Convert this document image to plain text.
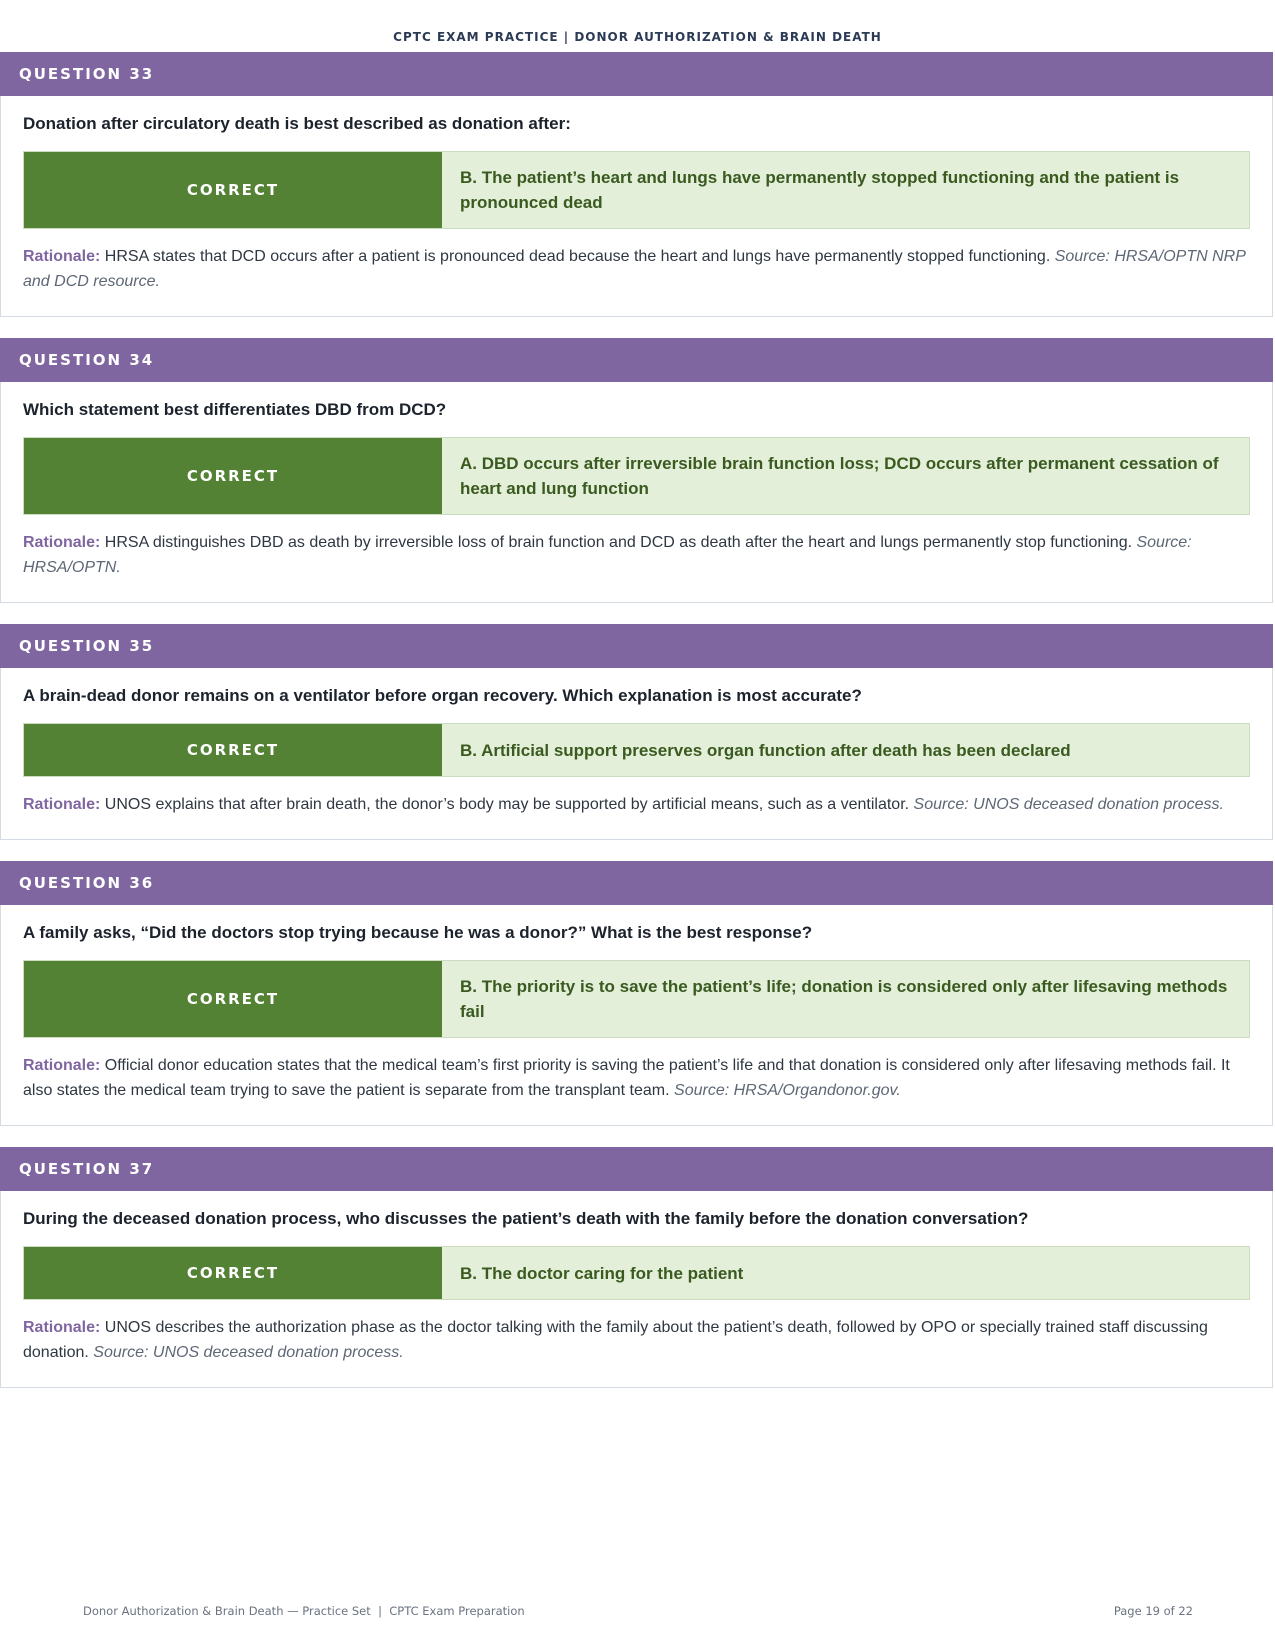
CPTC EXAM PRACTICE | DONOR AUTHORIZATION & BRAIN DEATH
QUESTION 33
Donation after circulatory death is best described as donation after:
CORRECT
B. The patient’s heart and lungs have permanently stopped functioning and the patient is pronounced dead
Rationale: HRSA states that DCD occurs after a patient is pronounced dead because the heart and lungs have permanently stopped functioning. Source: HRSA/OPTN NRP and DCD resource.
QUESTION 34
Which statement best differentiates DBD from DCD?
CORRECT
A. DBD occurs after irreversible brain function loss; DCD occurs after permanent cessation of heart and lung function
Rationale: HRSA distinguishes DBD as death by irreversible loss of brain function and DCD as death after the heart and lungs permanently stop functioning. Source: HRSA/OPTN.
QUESTION 35
A brain-dead donor remains on a ventilator before organ recovery. Which explanation is most accurate?
CORRECT	B. Artificial support preserves organ function after death has been declared
Rationale: UNOS explains that after brain death, the donor’s body may be supported by artificial means, such as a ventilator. Source: UNOS deceased donation process.
QUESTION 36
A family asks, “Did the doctors stop trying because he was a donor?” What is the best response?
CORRECT
B. The priority is to save the patient’s life; donation is considered only after lifesaving methods fail
Rationale: Official donor education states that the medical team’s first priority is saving the patient’s life and that donation is considered only after lifesaving methods fail. It also states the medical team trying to save the patient is separate from the transplant team. Source: HRSA/Organdonor.gov.
QUESTION 37
During the deceased donation process, who discusses the patient’s death with the family before the donation conversation?
CORRECT	B. The doctor caring for the patient
Rationale: UNOS describes the authorization phase as the doctor talking with the family about the patient’s death, followed by OPO or specially trained staff discussing donation. Source: UNOS deceased donation process.
Donor Authorization & Brain Death — Practice Set  |  CPTC Exam Preparation	Page 19 of 22
